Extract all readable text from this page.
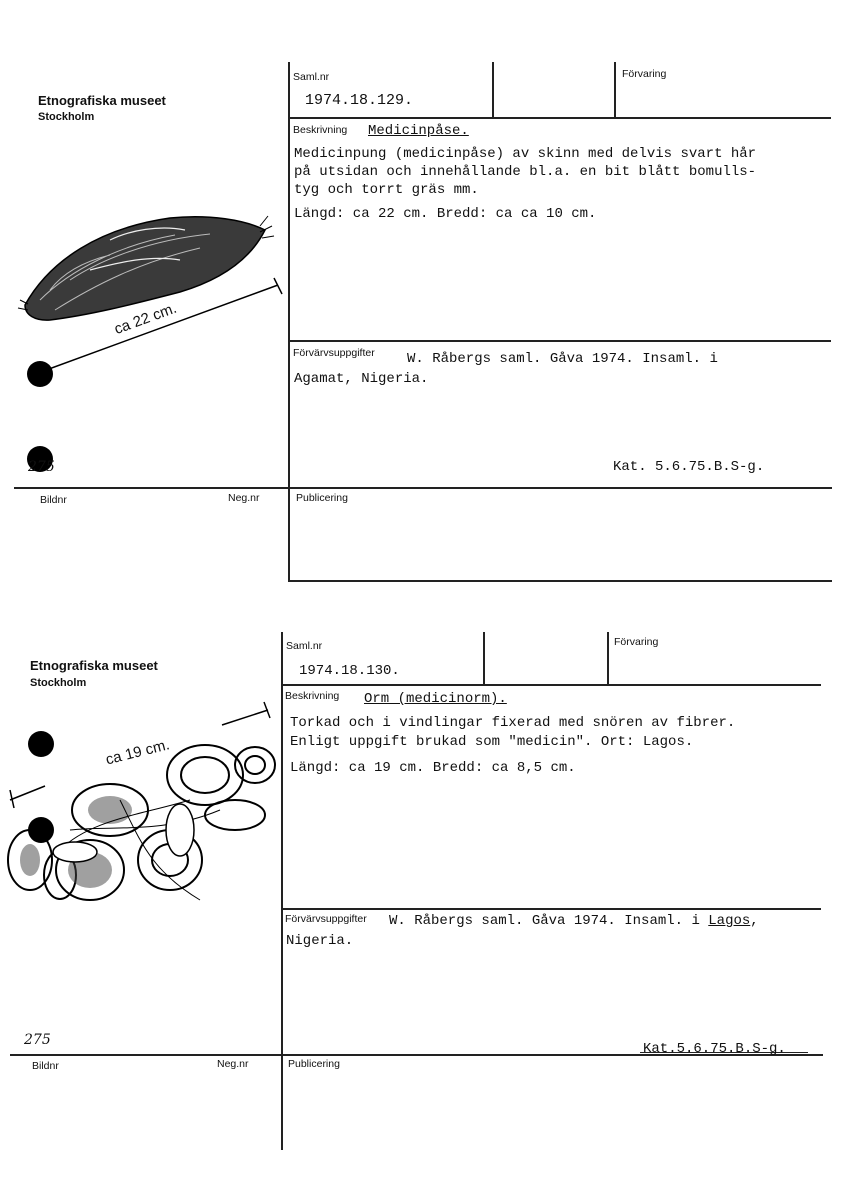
Etnografiska museet
Stockholm
Saml.nr
1974.18.129.
Förvaring
Beskrivning Medicinpåse.
Medicinpung (medicinpåse) av skinn med delvis svart hår
på utsidan och innehållande bl.a. en bit blått bomulls-
tyg och torrt gräs mm.
Längd: ca 22 cm. Bredd: ca ca 10 cm.
Förvärvsuppgifter W. Råbergs saml. Gåva 1974. Insaml. i
Agamat, Nigeria.
Kat. 5.6.75.B.S-g.
Bildnr	Neg.nr	Publicering
275
ca 22 cm.
Etnografiska museet
Stockholm
Saml.nr
1974.18.130.
Förvaring
Beskrivning Orm (medicinorm).
Torkad och i vindlingar fixerad med snören av fibrer.
Enligt uppgift brukad som "medicin". Ort: Lagos.
Längd: ca 19 cm. Bredd: ca 8,5 cm.
Förvärvsuppgifter W. Råbergs saml. Gåva 1974. Insaml. i Lagos,
Nigeria.
Kat.5.6.75.B.S-g.
Bildnr	Neg.nr	Publicering
275
ca 19 cm.
